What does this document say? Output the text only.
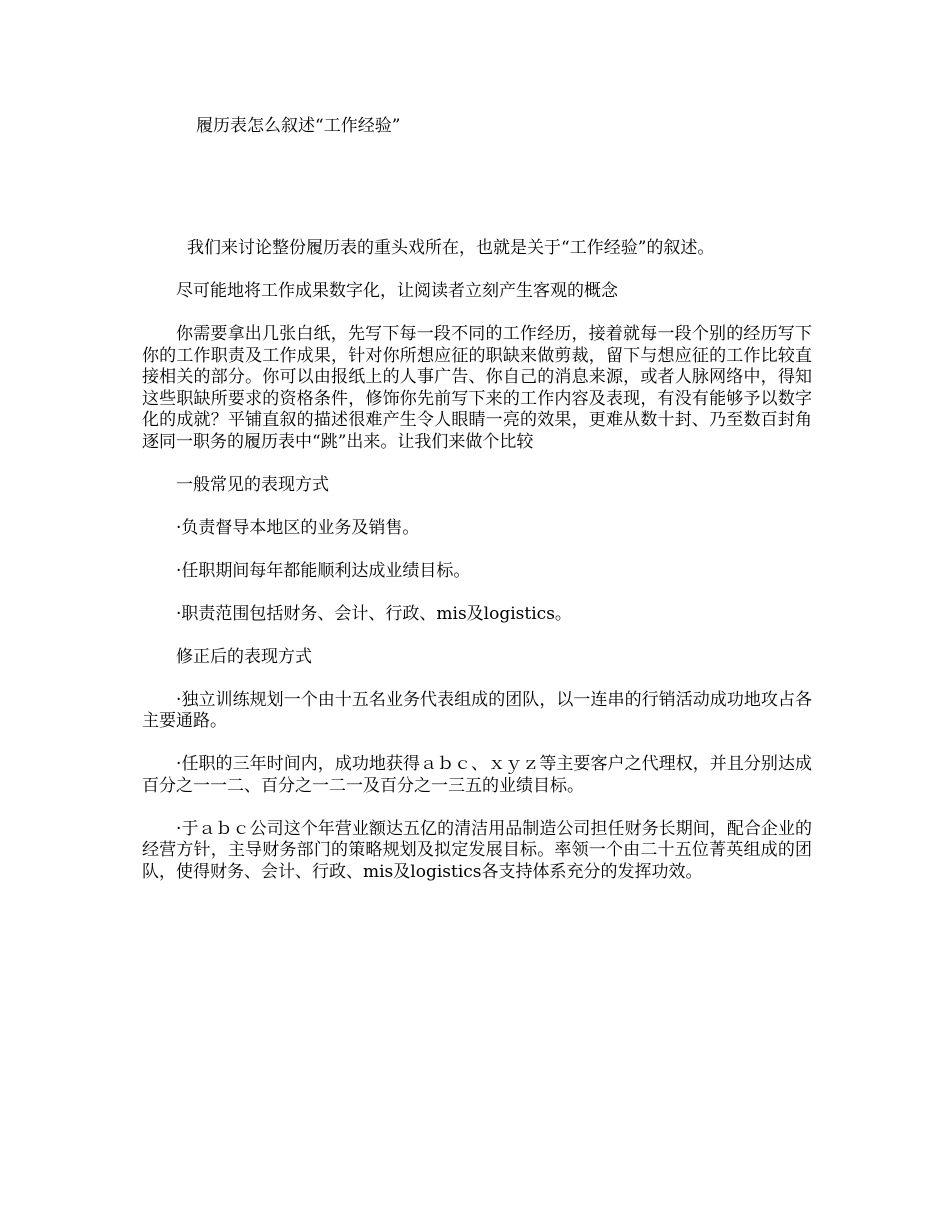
履历表怎么叙述“工作经验”

我们来讨论整份履历表的重头戏所在，也就是关于“工作经验”的叙述。

尽可能地将工作成果数字化，让阅读者立刻产生客观的概念

你需要拿出几张白纸，先写下每一段不同的工作经历，接着就每一段个别的经历写下你的工作职责及工作成果，针对你所想应征的职缺来做剪裁，留下与想应征的工作比较直接相关的部分。你可以由报纸上的人事广告、你自己的消息来源，或者人脉网络中，得知这些职缺所要求的资格条件，修饰你先前写下来的工作内容及表现，有没有能够予以数字化的成就？平铺直叙的描述很难产生令人眼睛一亮的效果，更难从数十封、乃至数百封角逐同一职务的履历表中“跳”出来。让我们来做个比较

一般常见的表现方式

·负责督导本地区的业务及销售。

·任职期间每年都能顺利达成业绩目标。

·职责范围包括财务、会计、行政、mis及logistics。

修正后的表现方式

·独立训练规划一个由十五名业务代表组成的团队，以一连串的行销活动成功地攻占各主要通路。

·任职的三年时间内，成功地获得ａｂｃ、ｘｙｚ等主要客户之代理权，并且分别达成百分之一一二、百分之一二一及百分之一三五的业绩目标。

·于ａｂｃ公司这个年营业额达五亿的清洁用品制造公司担任财务长期间，配合企业的经营方针，主导财务部门的策略规划及拟定发展目标。率领一个由二十五位菁英组成的团队，使得财务、会计、行政、mis及logistics各支持体系充分的发挥功效。
